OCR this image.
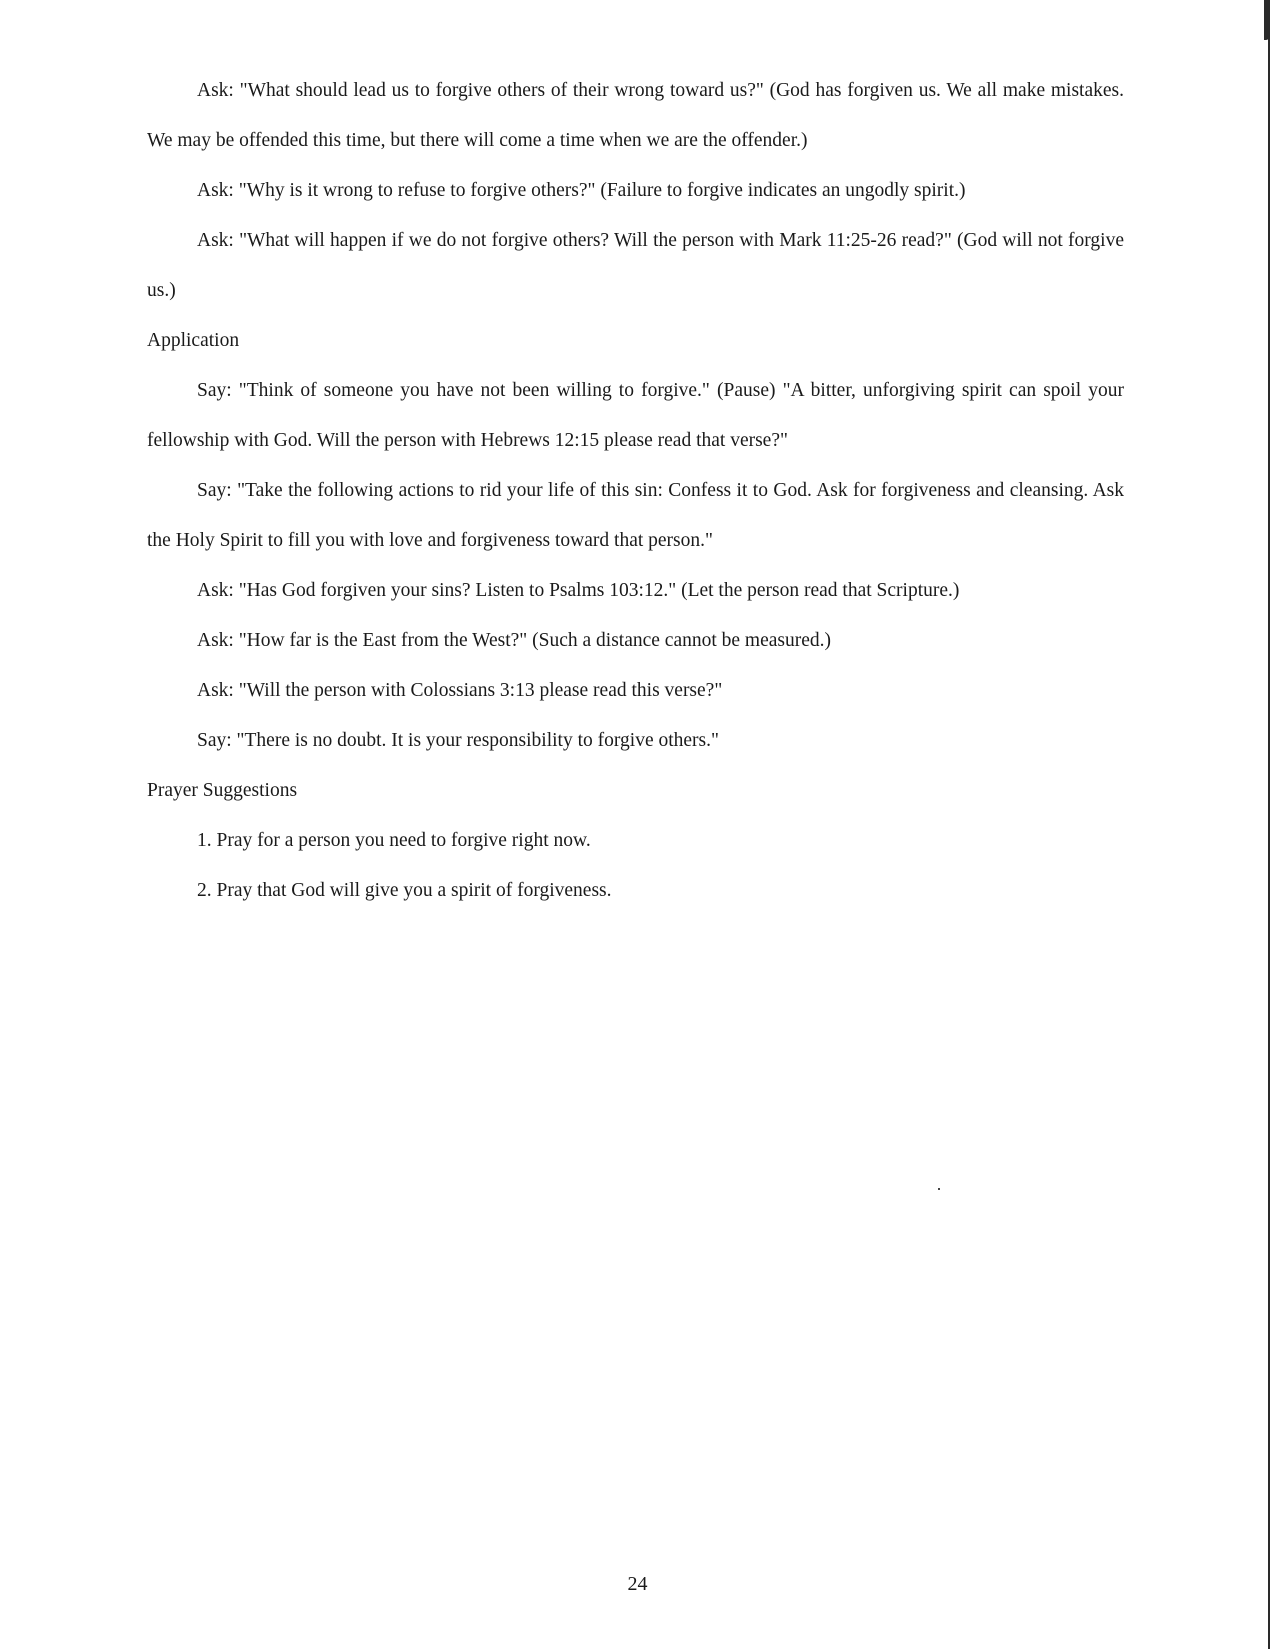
Ask: "What should lead us to forgive others of their wrong toward us?" (God has forgiven us. We all make mistakes. We may be offended this time, but there will come a time when we are the offender.)

Ask: "Why is it wrong to refuse to forgive others?" (Failure to forgive indicates an ungodly spirit.)

Ask: "What will happen if we do not forgive others? Will the person with Mark 11:25-26 read?" (God will not forgive us.)

Application

Say: "Think of someone you have not been willing to forgive." (Pause) "A bitter, unforgiving spirit can spoil your fellowship with God. Will the person with Hebrews 12:15 please read that verse?"

Say: "Take the following actions to rid your life of this sin: Confess it to God. Ask for forgiveness and cleansing. Ask the Holy Spirit to fill you with love and forgiveness toward that person."

Ask: "Has God forgiven your sins? Listen to Psalms 103:12." (Let the person read that Scripture.)

Ask: "How far is the East from the West?" (Such a distance cannot be measured.)

Ask: "Will the person with Colossians 3:13 please read this verse?"

Say: "There is no doubt. It is your responsibility to forgive others."

Prayer Suggestions

1. Pray for a person you need to forgive right now.

2. Pray that God will give you a spirit of forgiveness.

24
